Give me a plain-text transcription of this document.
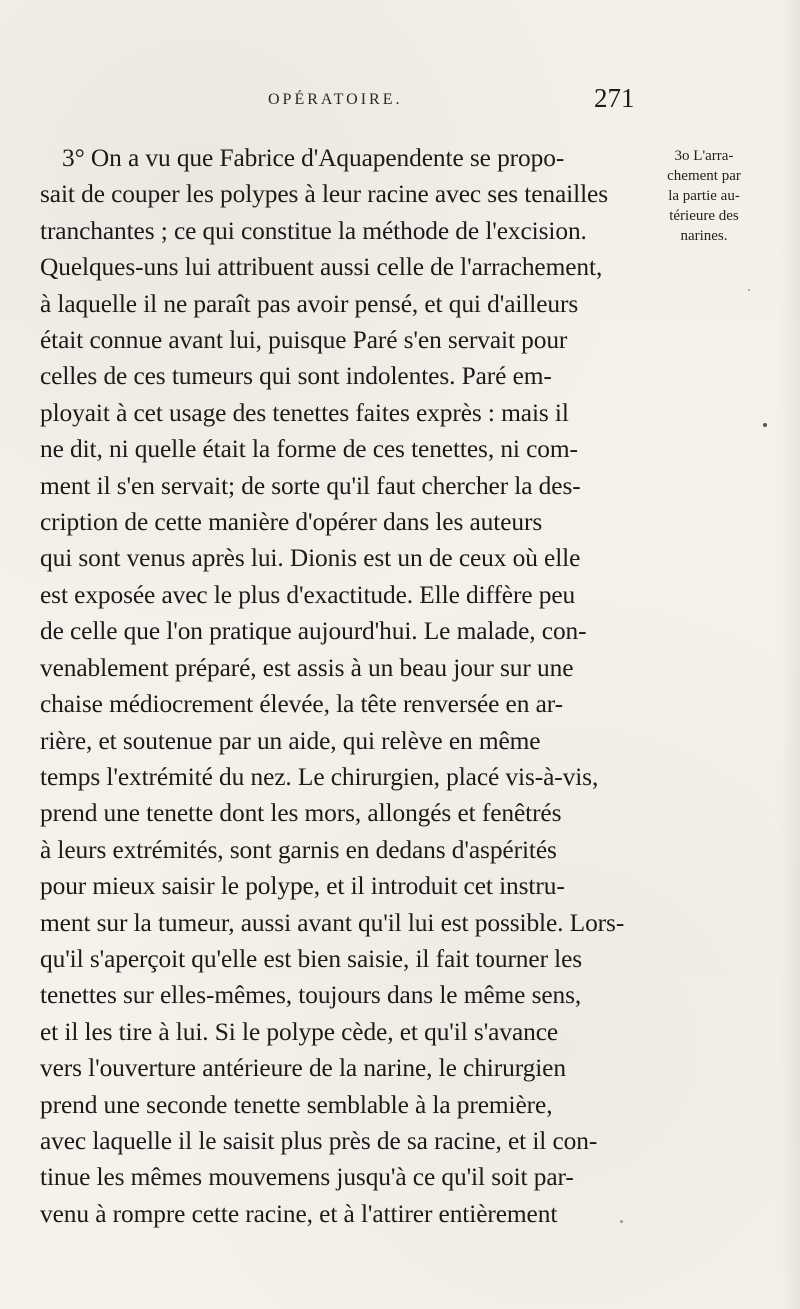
OPÉRATOIRE.	271
3° On a vu que Fabrice d'Aquapendente se propo-
sait de couper les polypes à leur racine avec ses tenailles
tranchantes ; ce qui constitue la méthode de l'excision.
Quelques-uns lui attribuent aussi celle de l'arrachement,
à laquelle il ne paraît pas avoir pensé, et qui d'ailleurs
était connue avant lui, puisque Paré s'en servait pour
celles de ces tumeurs qui sont indolentes. Paré em-
ployait à cet usage des tenettes faites exprès : mais il
ne dit, ni quelle était la forme de ces tenettes, ni com-
ment il s'en servait; de sorte qu'il faut chercher la des-
cription de cette manière d'opérer dans les auteurs
qui sont venus après lui. Dionis est un de ceux où elle
est exposée avec le plus d'exactitude. Elle diffère peu
de celle que l'on pratique aujourd'hui. Le malade, con-
venablement préparé, est assis à un beau jour sur une
chaise médiocrement élevée, la tête renversée en ar-
rière, et soutenue par un aide, qui relève en même
temps l'extrémité du nez. Le chirurgien, placé vis-à-vis,
prend une tenette dont les mors, allongés et fenêtrés
à leurs extrémités, sont garnis en dedans d'aspérités
pour mieux saisir le polype, et il introduit cet instru-
ment sur la tumeur, aussi avant qu'il lui est possible. Lors-
qu'il s'aperçoit qu'elle est bien saisie, il fait tourner les
tenettes sur elles-mêmes, toujours dans le même sens,
et il les tire à lui. Si le polype cède, et qu'il s'avance
vers l'ouverture antérieure de la narine, le chirurgien
prend une seconde tenette semblable à la première,
avec laquelle il le saisit plus près de sa racine, et il con-
tinue les mêmes mouvemens jusqu'à ce qu'il soit par-
venu à rompre cette racine, et à l'attirer entièrement
3o L'arra-
chement par
la partie au-
térieure des
narines.
